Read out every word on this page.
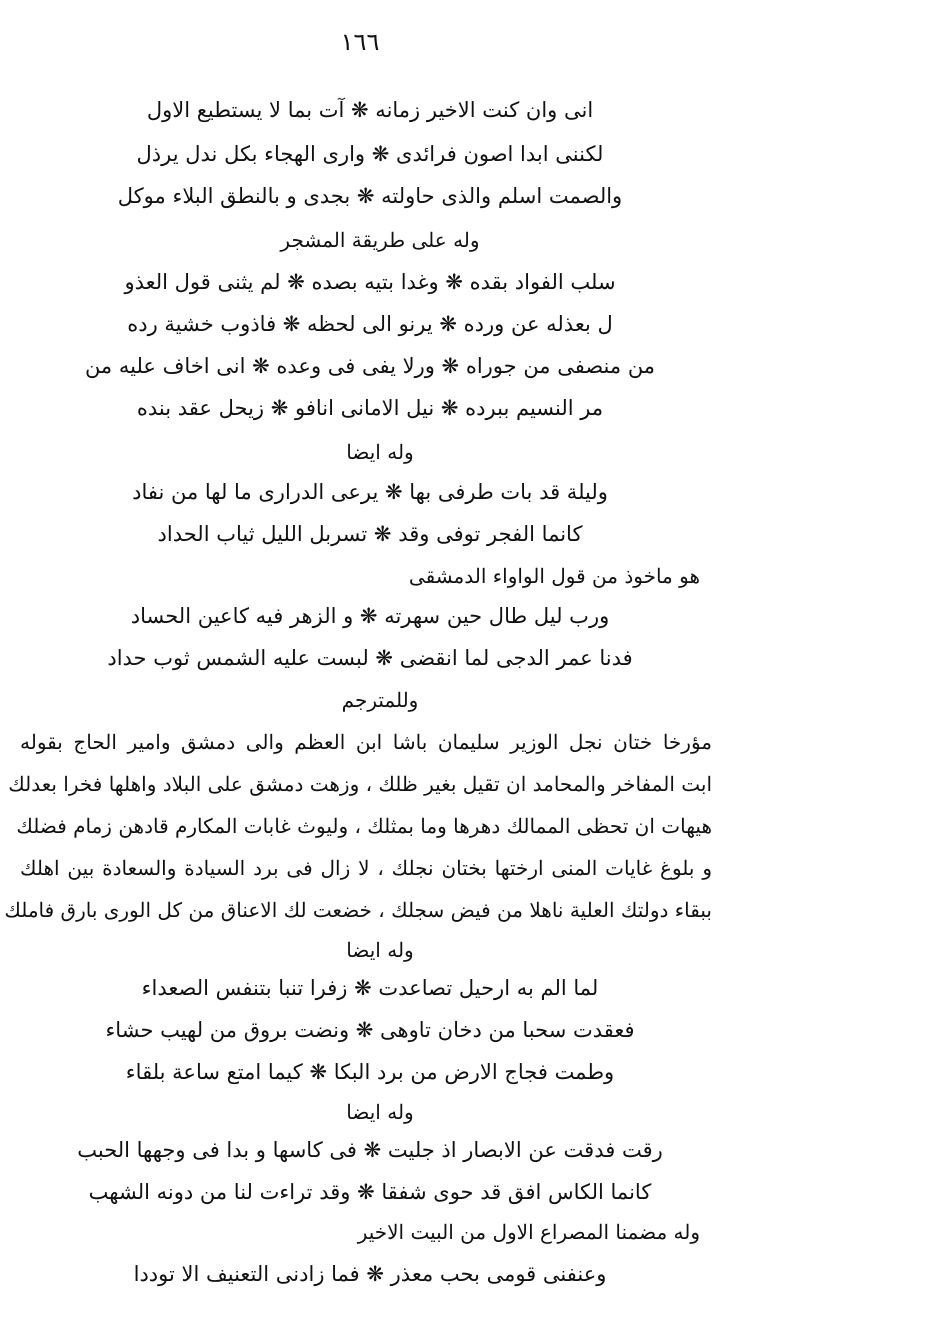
١٦٦
انی وان كنت الاخیر زمانه ❋ آت بما لا یستطیع الاول
لكننی ابدا اصون فرائدی ❋ واری الهجاء بكل ندل یرذل
والصمت اسلم والذی حاولته ❋ بجدی و بالنطق البلاء موكل
وله علی طریقة المشجر
سلب الفواد بقده ❋ وغدا بتیه بصده ❋ لم یثنی قول العذو
ل بعذله عن ورده ❋ یرنو الی لحظه ❋ فاذوب خشیة رده
من منصفی من جوراه ❋ ورلا یفی فی وعده ❋ انی اخاف علیه من
مر النسیم ببرده ❋ نیل الامانی انافو ❋ زیحل عقد بنده
وله ایضا
ولیلة قد بات طرفی بها ❋ یرعی الدراری ما لها من نفاد
كانما الفجر توفی وقد ❋ تسربل اللیل ثیاب الحداد
هو ماخوذ من قول الواواء الدمشقی
ورب لیل طال حین سهرته ❋ و الزهر فیه كاعین الحساد
فدنا عمر الدجی لما انقضی ❋ لبست علیه الشمس ثوب حداد
وللمترجم
مؤرخا ختان نجل الوزیر سلیمان باشا ابن العظم والی دمشق وامیر الحاج بقوله
ابت المفاخر والمحامد ان تقیل بغیر ظلك ، وزهت دمشق علی البلاد واهلها فخرا بعدلك
هیهات ان تحظی الممالك دهرها وما بمثلك ، ولیوث غابات المكارم قادهن زمام فضلك
و بلوغ غایات المنی ارختها بختان نجلك ، لا زال فی برد السیادة والسعادة بین اهلك
ببقاء دولتك العلیة ناهلا من فیض سجلك ، خضعت لك الاعناق من كل الوری بارق فاملك
وله ایضا
لما الم به ارحیل تصاعدت ❋ زفرا تنبا بتنفس الصعداء
فعقدت سحبا من دخان تاوهی ❋ ونضت بروق من لهیب حشاء
وطمت فجاج الارض من برد البكا ❋ كیما امتع ساعة بلقاء
وله ایضا
رقت فدقت عن الابصار اذ جلیت ❋ فی كاسها و بدا فی وجهها الحبب
كانما الكاس افق قد حوی شفقا ❋ وقد تراءت لنا من دونه الشهب
وله مضمنا المصراع الاول من البیت الاخیر
وعنفنی قومی بحب معذر ❋ فما زادنی التعنیف الا توددا
